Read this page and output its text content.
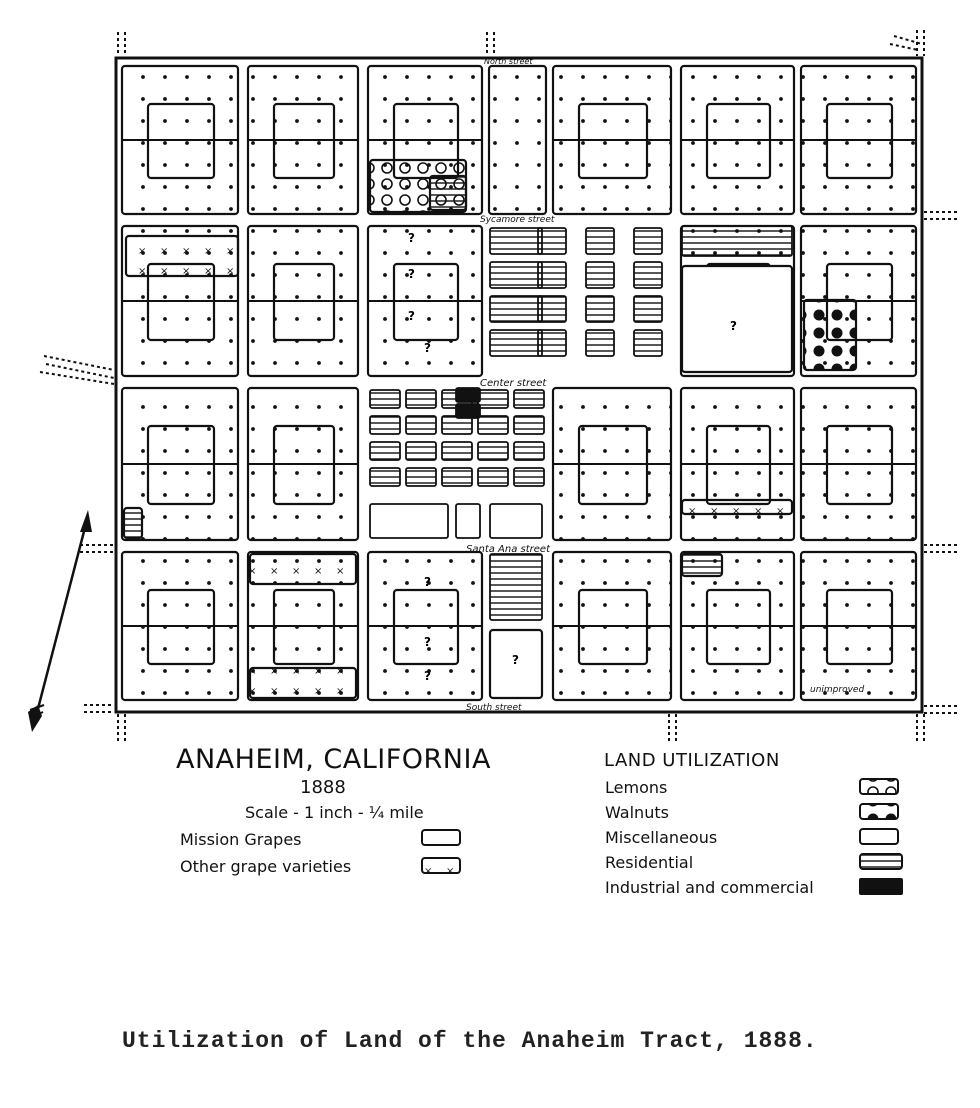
?
?
?
?
?
?
?
?
?
North street
Sycamore street
Center street
Santa Ana street
South street
unimproved
ANAHEIM, CALIFORNIA
1888
Scale - 1 inch - ¼ mile
Mission Grapes
Other grape varieties
LAND UTILIZATION
Lemons
Walnuts
Miscellaneous
Residential
Industrial and commercial
Utilization of Land of the Anaheim Tract, 1888.
